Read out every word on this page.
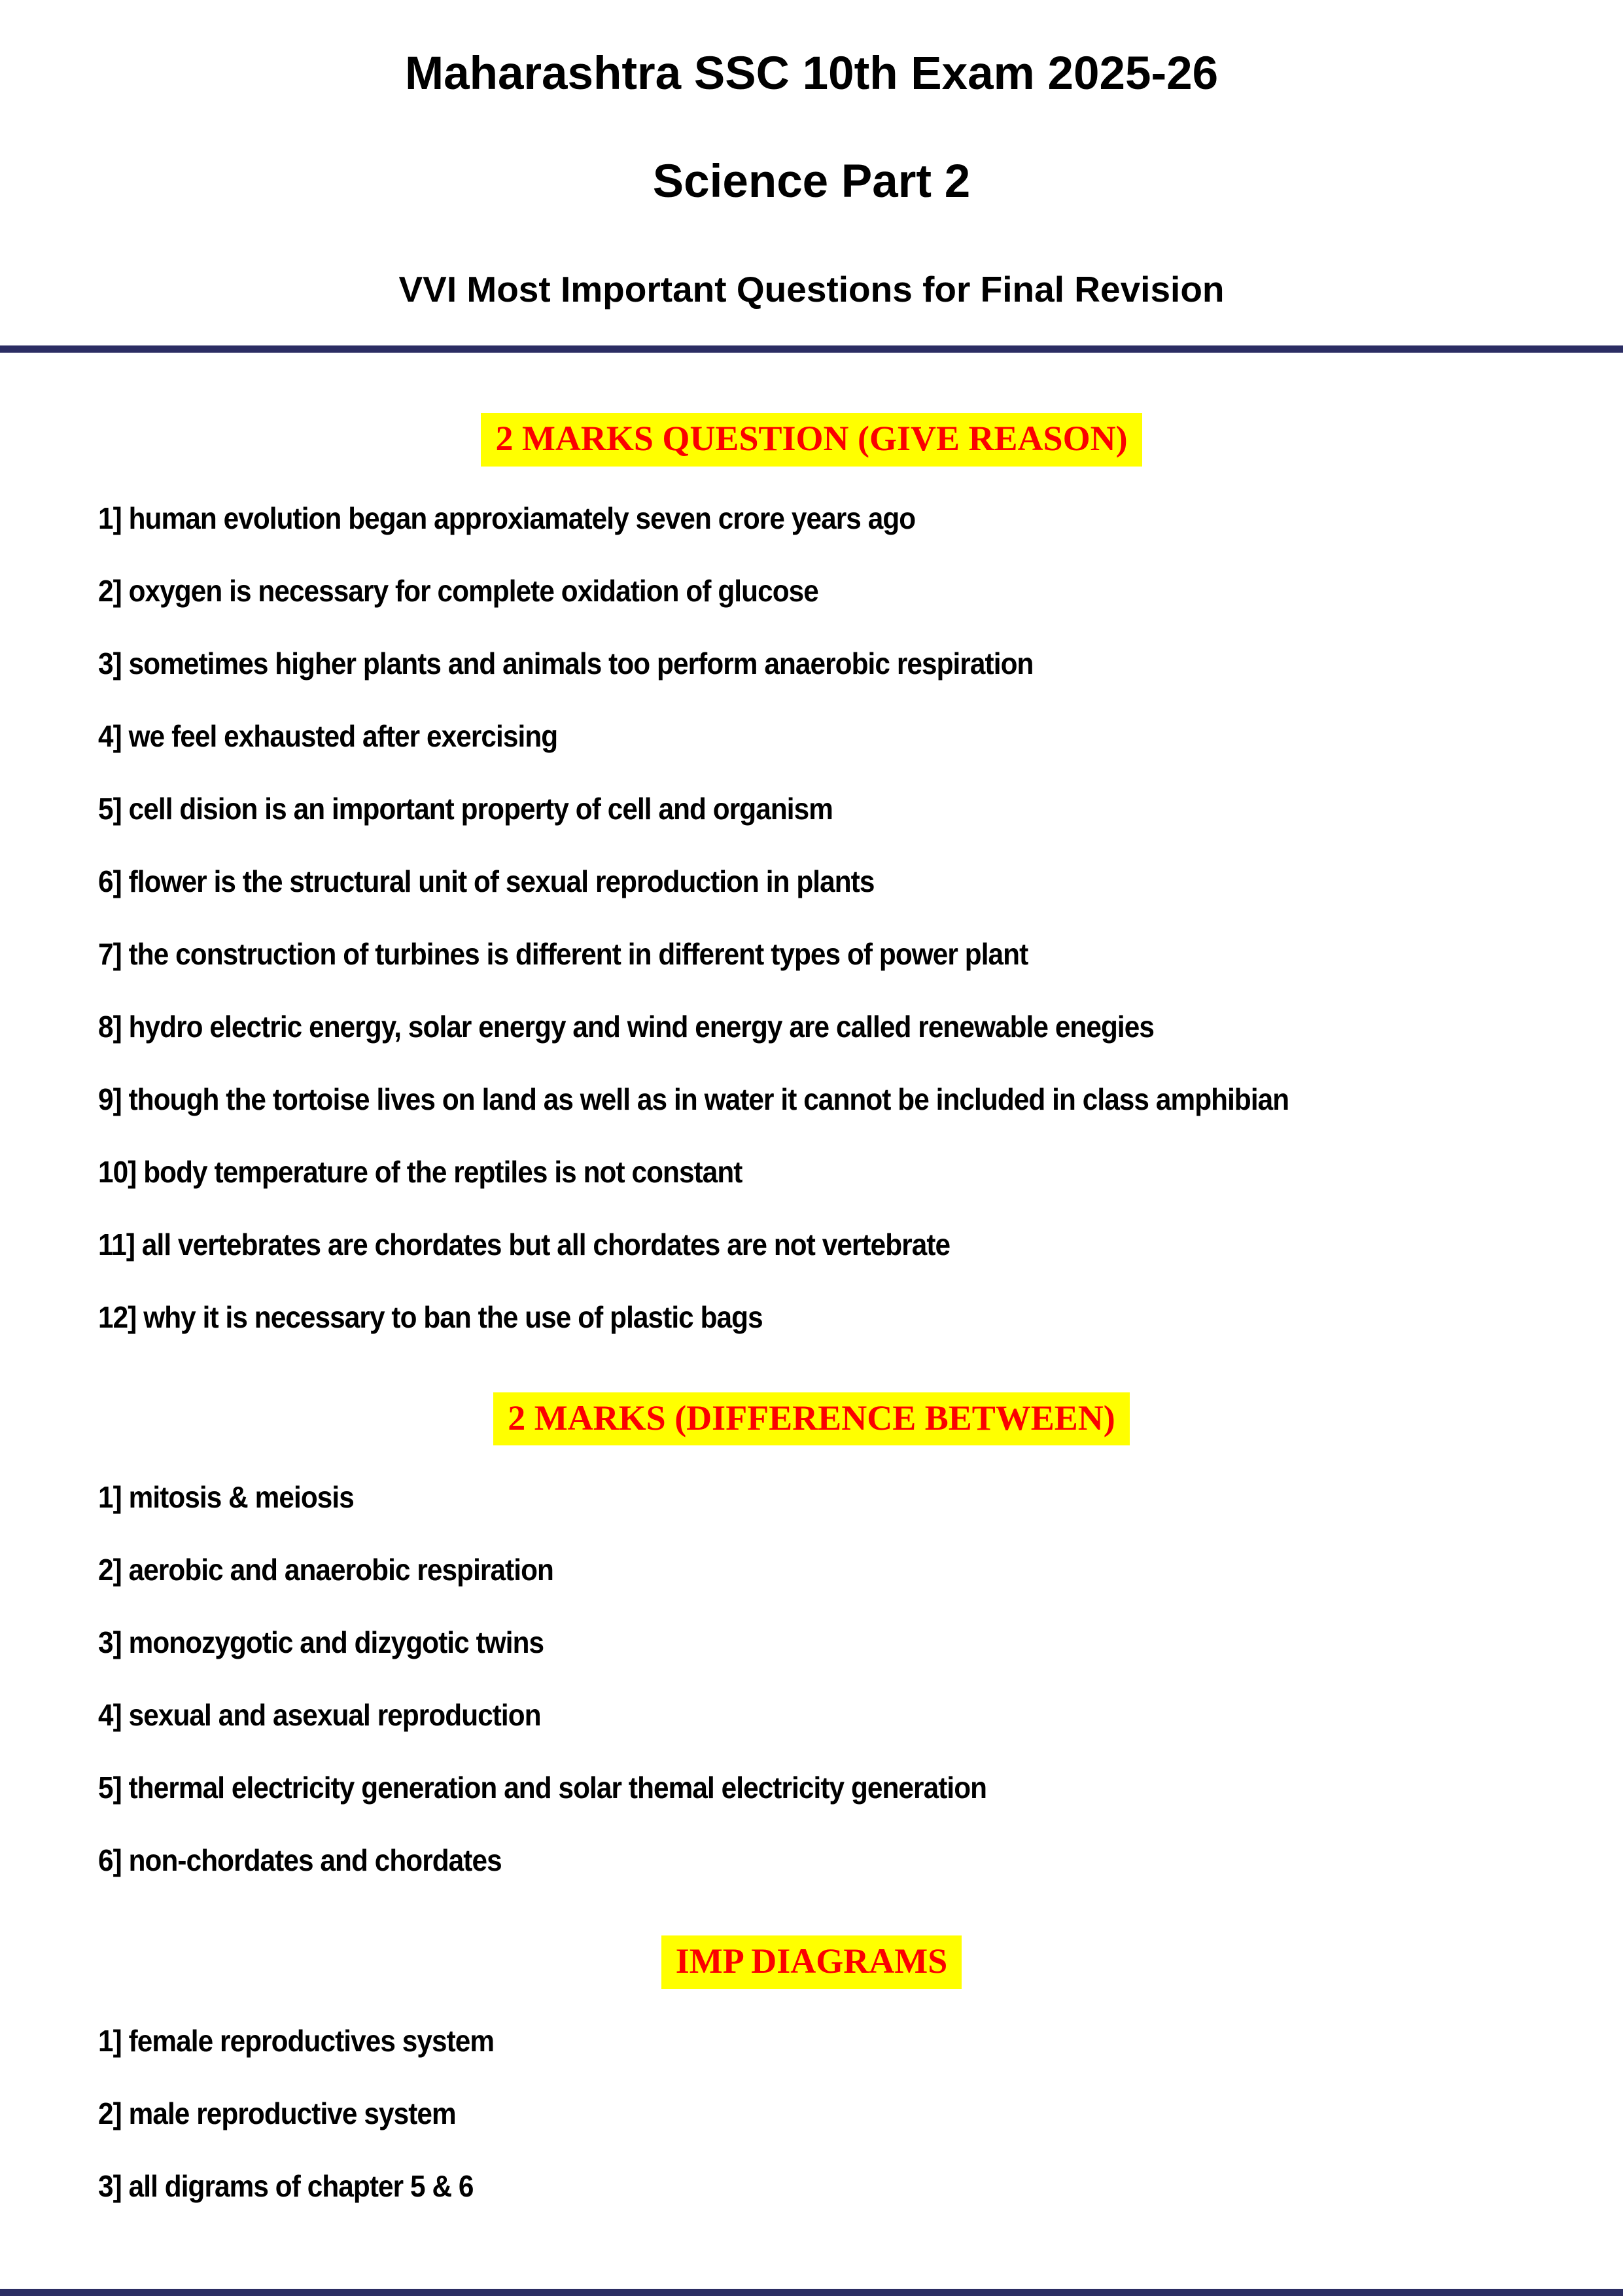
Maharashtra SSC 10th Exam 2025-26
Science Part 2
VVI Most Important Questions for Final Revision
2 MARKS QUESTION (GIVE REASON)

1] human evolution began approxiamately seven crore years ago

2] oxygen is necessary for complete oxidation of glucose

3] sometimes higher plants and animals too perform anaerobic respiration

4] we feel exhausted after exercising

5] cell dision is an important property of cell and organism

6] flower is the structural unit of sexual reproduction in plants

7] the construction of turbines is different in different types of power plant

8] hydro electric energy, solar energy and wind energy are called renewable enegies

9] though the tortoise lives on land as well as in water it cannot be included in class amphibian

10] body temperature of the reptiles is not constant

11] all vertebrates are chordates but all chordates are not vertebrate

12] why it is necessary to ban the use of plastic bags

2 MARKS (DIFFERENCE BETWEEN)

1] mitosis & meiosis

2] aerobic and anaerobic respiration

3] monozygotic and dizygotic twins

4] sexual and asexual reproduction

5] thermal electricity generation and solar themal electricity generation

6] non-chordates and chordates

IMP DIAGRAMS

1] female reproductives system

2] male reproductive system

3] all digrams of chapter 5 & 6
